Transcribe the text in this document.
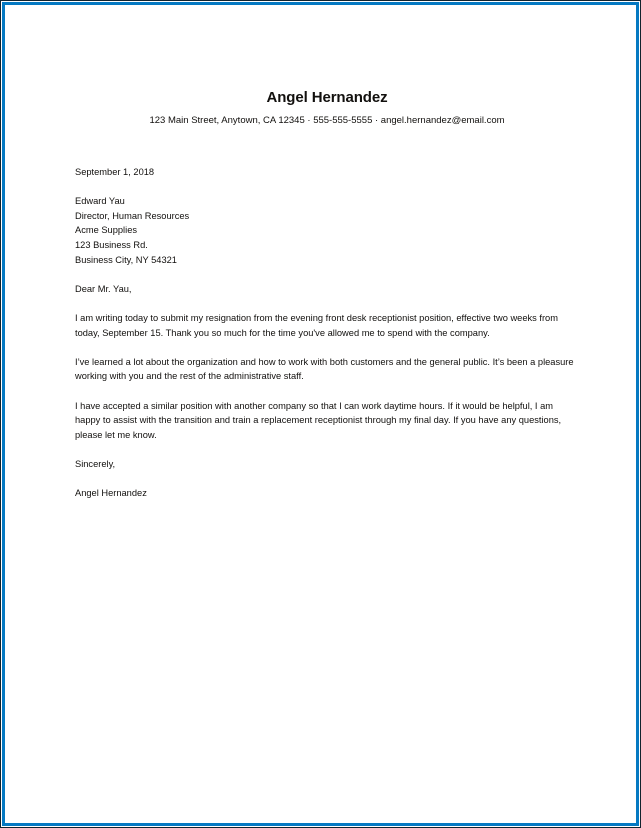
Angel Hernandez
123 Main Street, Anytown, CA 12345 · 555-555-5555 · angel.hernandez@email.com
September 1, 2018
Edward Yau
Director, Human Resources
Acme Supplies
123 Business Rd.
Business City, NY 54321
Dear Mr. Yau,
I am writing today to submit my resignation from the evening front desk receptionist position, effective two weeks from today, September 15. Thank you so much for the time you've allowed me to spend with the company.
I’ve learned a lot about the organization and how to work with both customers and the general public. It’s been a pleasure working with you and the rest of the administrative staff.
I have accepted a similar position with another company so that I can work daytime hours. If it would be helpful, I am happy to assist with the transition and train a replacement receptionist through my final day. If you have any questions, please let me know.
Sincerely,
Angel Hernandez
